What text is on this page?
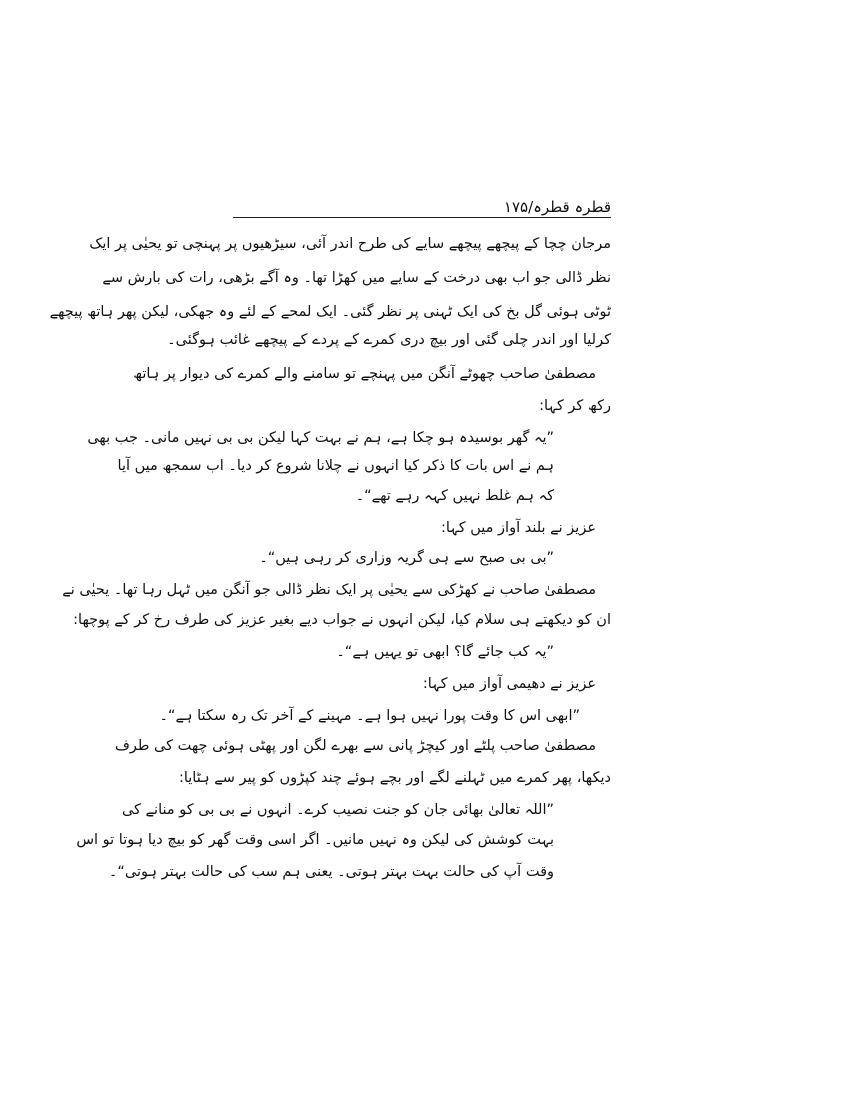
قطرہ قطرہ/۱۷۵
مرجان چچا کے پیچھے پیچھے سایے کی طرح اندر آئی، سیڑھیوں پر پہنچی تو یحیٰی پر ایک
نظر ڈالی جو اب بھی درخت کے سایے میں کھڑا تھا۔ وہ آگے بڑھی، رات کی بارش سے
ٹوٹی ہوئی گل بخ کی ایک ٹہنی پر نظر گئی۔ ایک لمحے کے لئے وہ جھکی، لیکن پھر ہاتھ پیچھے
کرلیا اور اندر چلی گئی اور بیچ دری کمرے کے پردے کے پیچھے غائب ہوگئی۔
مصطفیٰ صاحب چھوٹے آنگن میں پہنچے تو سامنے والے کمرے کی دیوار پر ہاتھ
رکھ کر کہا:
”یہ گھر بوسیدہ ہو چکا ہے، ہم نے بہت کہا لیکن بی بی نہیں مانی۔ جب بھی
ہم نے اس بات کا ذکر کیا انہوں نے چلانا شروع کر دیا۔ اب سمجھ میں آیا
کہ ہم غلط نہیں کہہ رہے تھے“۔
عزیز نے بلند آواز میں کہا:
”بی بی صبح سے ہی گریہ وزاری کر رہی ہیں“۔
مصطفیٰ صاحب نے کھڑکی سے یحیٰی پر ایک نظر ڈالی جو آنگن میں ٹہل رہا تھا۔ یحیٰی نے
ان کو دیکھتے ہی سلام کیا، لیکن انہوں نے جواب دیے بغیر عزیز کی طرف رخ کر کے پوچھا:
”یہ کب جائے گا؟ ابھی تو یہیں ہے“۔
عزیز نے دھیمی آواز میں کہا:
”ابھی اس کا وقت پورا نہیں ہوا ہے۔ مہینے کے آخر تک رہ سکتا ہے“۔
مصطفیٰ صاحب پلٹے اور کیچڑ پانی سے بھرے لگن اور پھٹی ہوئی چھت کی طرف
دیکھا، پھر کمرے میں ٹہلنے لگے اور بچے ہوئے چند کپڑوں کو پیر سے ہٹایا:
”اللہ تعالیٰ بھائی جان کو جنت نصیب کرے۔ انہوں نے بی بی کو منانے کی
بہت کوشش کی لیکن وہ نہیں مانیں۔ اگر اسی وقت گھر کو بیچ دیا ہوتا تو اس
وقت آپ کی حالت بہت بہتر ہوتی۔ یعنی ہم سب کی حالت بہتر ہوتی“۔
